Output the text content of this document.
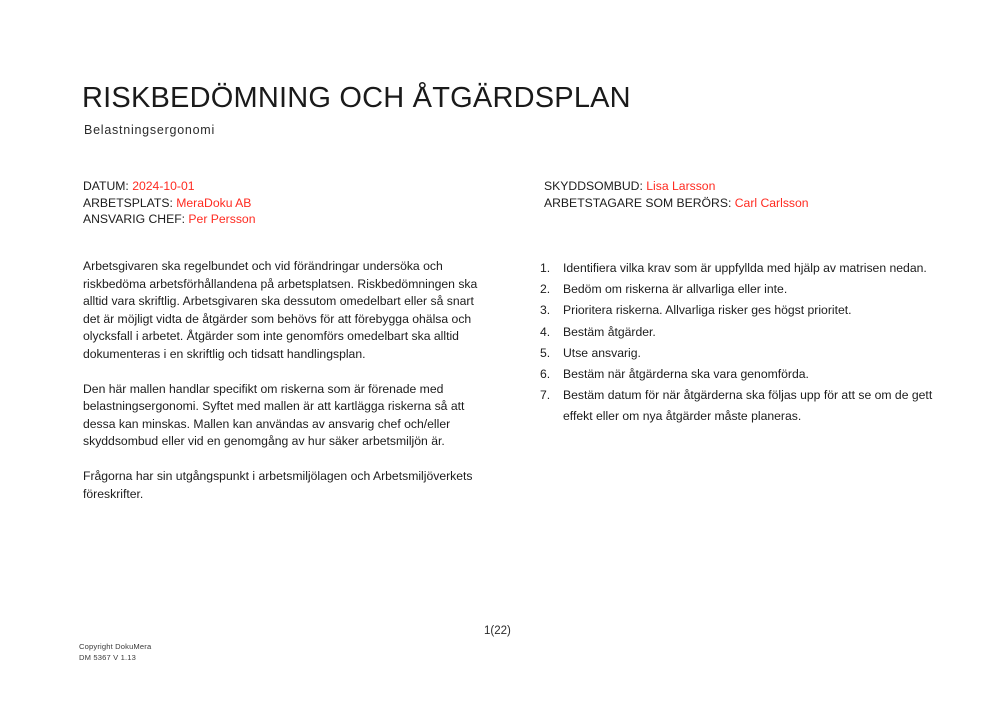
RISKBEDÖMNING OCH ÅTGÄRDSPLAN
Belastningsergonomi
DATUM: 2024-10-01
ARBETSPLATS: MeraDoku AB
ANSVARIG CHEF: Per Persson
SKYDDSOMBUD: Lisa Larsson
ARBETSTAGARE SOM BERÖRS: Carl Carlsson

Arbetsgivaren ska regelbundet och vid förändringar undersöka och riskbedöma arbetsförhållandena på arbetsplatsen. Riskbedömningen ska alltid vara skriftlig. Arbetsgivaren ska dessutom omedelbart eller så snart det är möjligt vidta de åtgärder som behövs för att förebygga ohälsa och olycksfall i arbetet. Åtgärder som inte genomförs omedelbart ska alltid dokumenteras i en skriftlig och tidsatt handlingsplan.

Den här mallen handlar specifikt om riskerna som är förenade med belastningsergonomi. Syftet med mallen är att kartlägga riskerna så att dessa kan minskas. Mallen kan användas av ansvarig chef och/eller skyddsombud eller vid en genomgång av hur säker arbetsmiljön är.

Frågorna har sin utgångspunkt i arbetsmiljölagen och Arbetsmiljöverkets föreskrifter.

1.	Identifiera vilka krav som är uppfyllda med hjälp av matrisen nedan.
2.	Bedöm om riskerna är allvarliga eller inte.
3.	Prioritera riskerna. Allvarliga risker ges högst prioritet.
4.	Bestäm åtgärder.
5.	Utse ansvarig.
6.	Bestäm när åtgärderna ska vara genomförda.
7.	Bestäm datum för när åtgärderna ska följas upp för att se om de gett effekt eller om nya åtgärder måste planeras.
Copyright DokuMera
DM 5367 V 1.13
1(22)
